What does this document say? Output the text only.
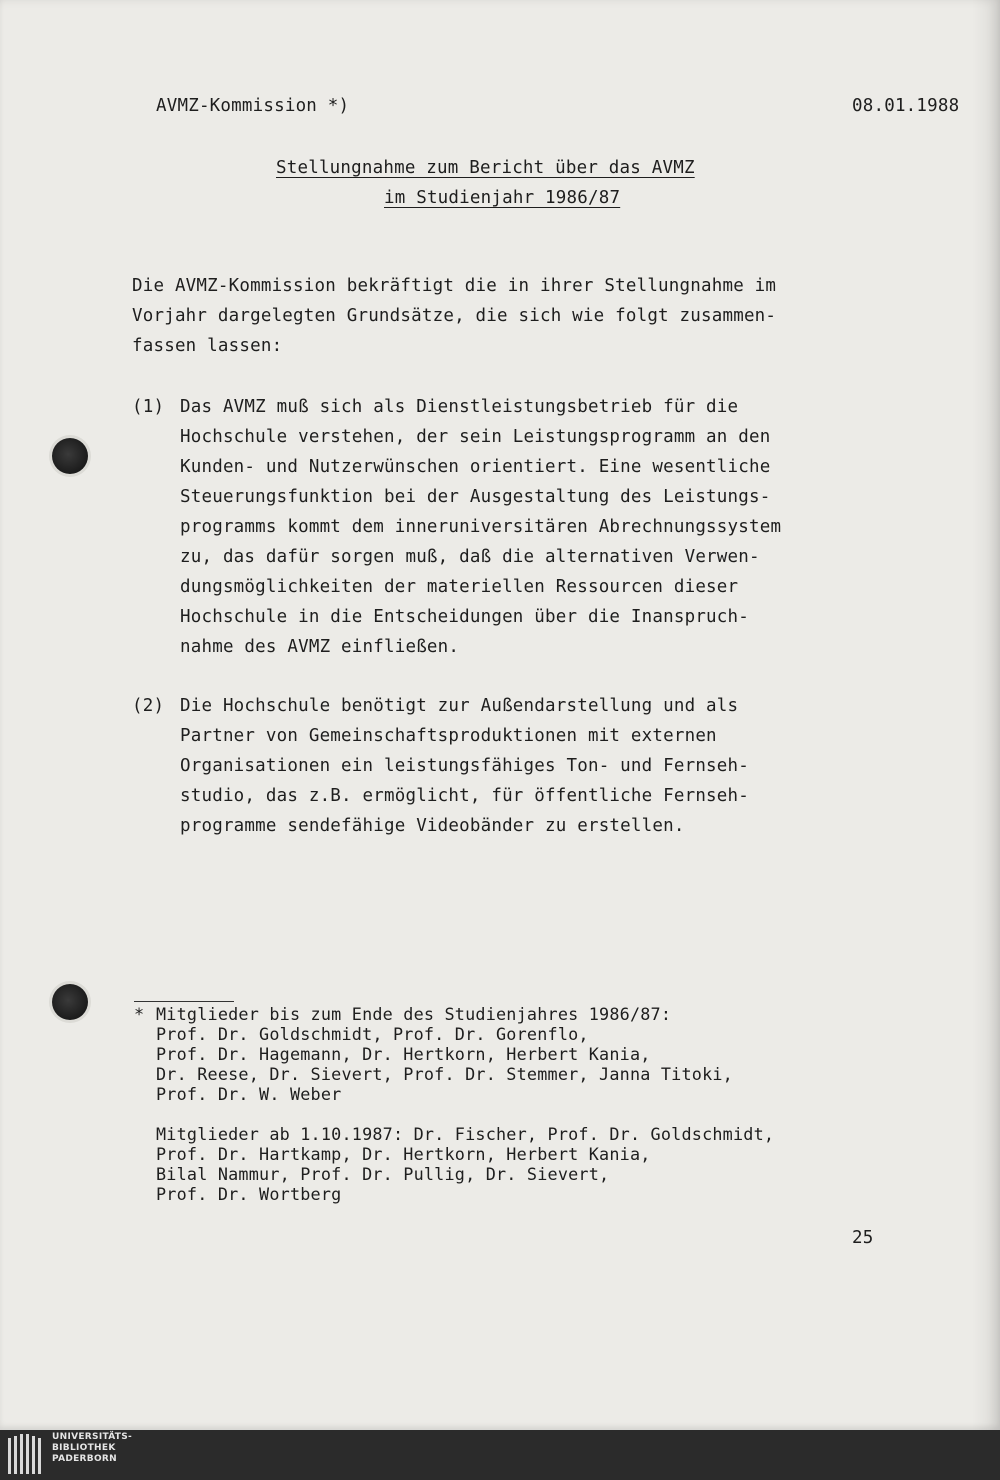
AVMZ-Kommission *)	08.01.1988
Stellungnahme zum Bericht über das AVMZ
im Studienjahr 1986/87
Die AVMZ-Kommission bekräftigt die in ihrer Stellungnahme im
Vorjahr dargelegten Grundsätze, die sich wie folgt zusammen-
fassen lassen:
(1) Das AVMZ muß sich als Dienstleistungsbetrieb für die
Hochschule verstehen, der sein Leistungsprogramm an den
Kunden- und Nutzerwünschen orientiert. Eine wesentliche
Steuerungsfunktion bei der Ausgestaltung des Leistungs-
programms kommt dem inneruniversitären Abrechnungssystem
zu, das dafür sorgen muß, daß die alternativen Verwen-
dungsmöglichkeiten der materiellen Ressourcen dieser
Hochschule in die Entscheidungen über die Inanspruch-
nahme des AVMZ einfließen.
(2) Die Hochschule benötigt zur Außendarstellung und als
Partner von Gemeinschaftsproduktionen mit externen
Organisationen ein leistungsfähiges Ton- und Fernseh-
studio, das z.B. ermöglicht, für öffentliche Fernseh-
programme sendefähige Videobänder zu erstellen.
* Mitglieder bis zum Ende des Studienjahres 1986/87:
Prof. Dr. Goldschmidt, Prof. Dr. Gorenflo,
Prof. Dr. Hagemann, Dr. Hertkorn, Herbert Kania,
Dr. Reese, Dr. Sievert, Prof. Dr. Stemmer, Janna Titoki,
Prof. Dr. W. Weber
Mitglieder ab 1.10.1987: Dr. Fischer, Prof. Dr. Goldschmidt,
Prof. Dr. Hartkamp, Dr. Hertkorn, Herbert Kania,
Bilal Nammur, Prof. Dr. Pullig, Dr. Sievert,
Prof. Dr. Wortberg
25
UNIVERSITÄTS-
BIBLIOTHEK
PADERBORN
